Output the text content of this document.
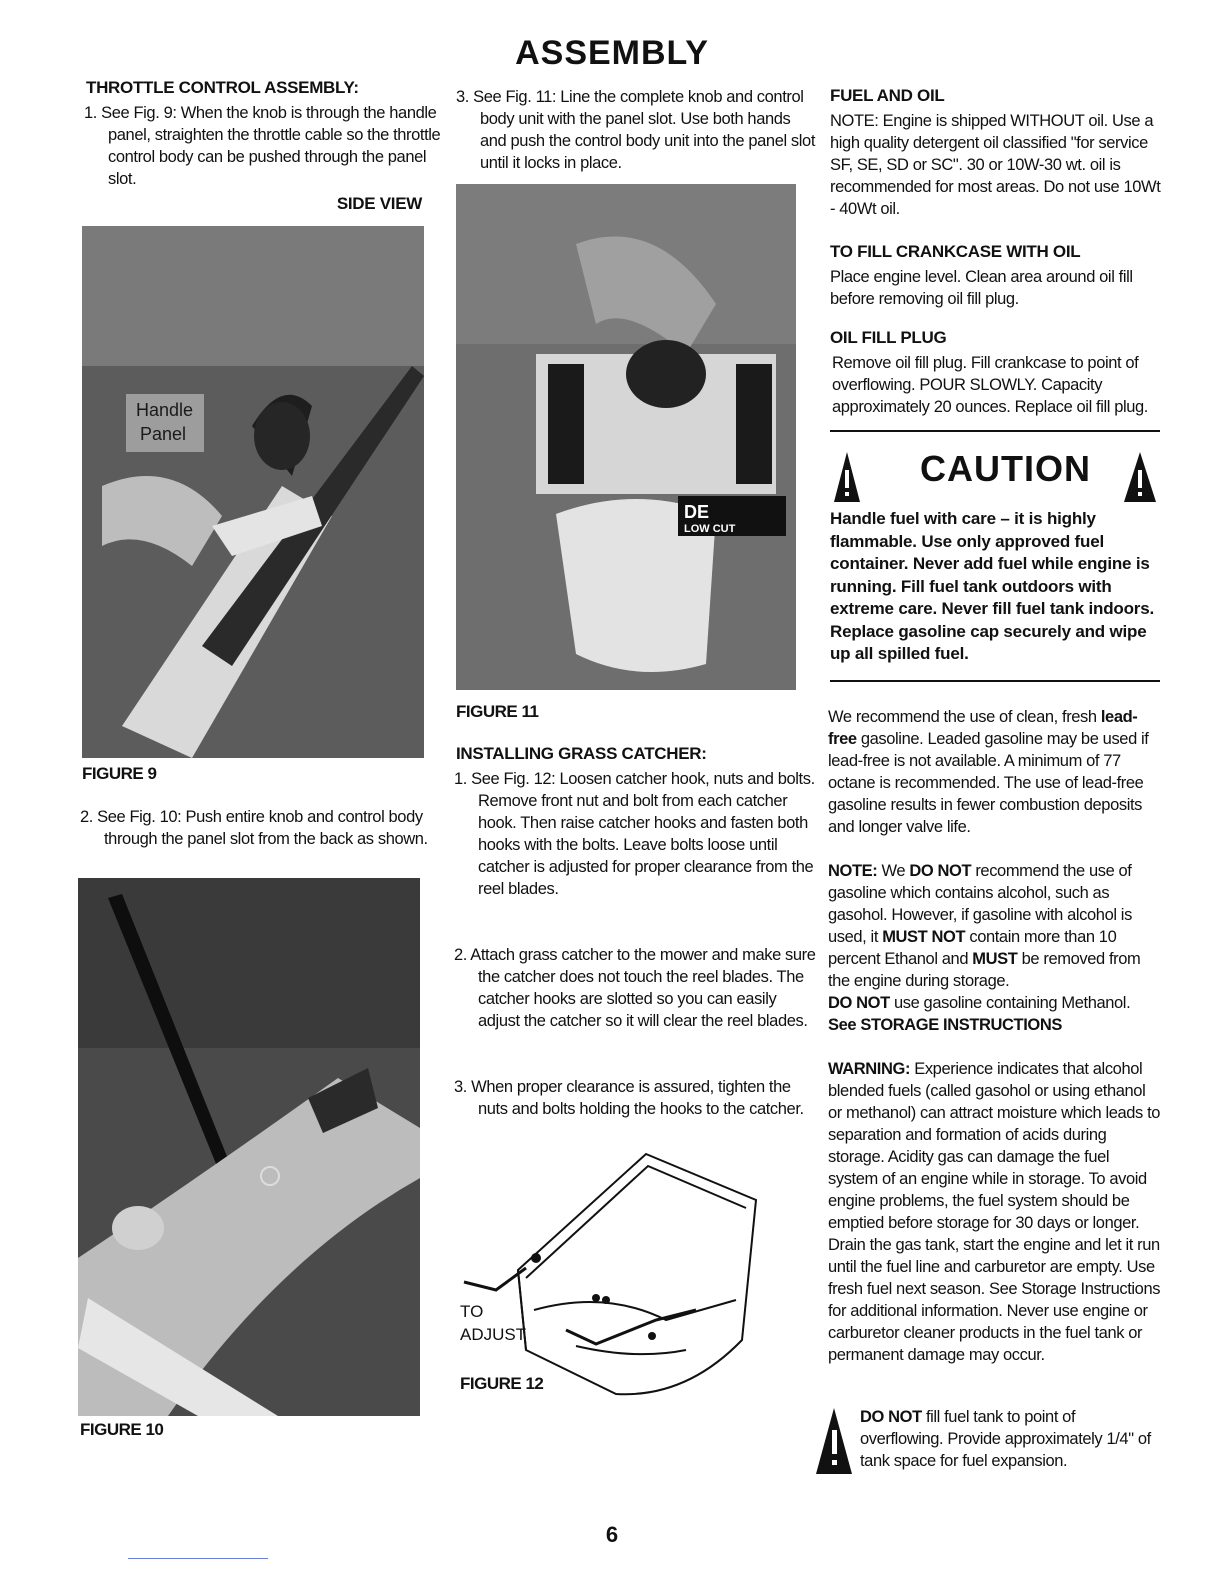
ASSEMBLY
THROTTLE CONTROL ASSEMBLY:
1. See Fig. 9: When the knob is through the handle panel, straighten the throttle cable so the throttle control body can be pushed through the panel slot.
SIDE VIEW
Handle
Panel
FIGURE 9
2. See Fig. 10: Push entire knob and control body through the panel slot from the back as shown.
FIGURE 10
3. See Fig. 11: Line the complete knob and control body unit with the panel slot. Use both hands and push the control body unit into the panel slot until it locks in place.
DE
LOW CUT
FIGURE 11
INSTALLING GRASS CATCHER:
1. See Fig. 12: Loosen catcher hook, nuts and bolts. Remove front nut and bolt from each catcher hook. Then raise catcher hooks and fasten both hooks with the bolts. Leave bolts loose until catcher is adjusted for proper clearance from the reel blades.
2. Attach grass catcher to the mower and make sure the catcher does not touch the reel blades. The catcher hooks are slotted so you can easily adjust the catcher so it will clear the reel blades.
3. When proper clearance is assured, tighten the nuts and bolts holding the hooks to the catcher.
TO
ADJUST
FIGURE 12
FUEL AND OIL
NOTE: Engine is shipped WITHOUT oil. Use a high quality detergent oil classified "for service SF, SE, SD or SC". 30 or 10W-30 wt. oil is recommended for most areas. Do not use 10Wt - 40Wt oil.
TO FILL CRANKCASE WITH OIL
Place engine level. Clean area around oil fill before removing oil fill plug.
OIL FILL PLUG
Remove oil fill plug. Fill crankcase to point of overflowing. POUR SLOWLY. Capacity approximately 20 ounces. Replace oil fill plug.
CAUTION
Handle fuel with care – it is highly flammable. Use only approved fuel container. Never add fuel while engine is running. Fill fuel tank outdoors with extreme care. Never fill fuel tank indoors. Replace gasoline cap securely and wipe up all spilled fuel.
We recommend the use of clean, fresh lead-free gasoline. Leaded gasoline may be used if lead-free is not available. A minimum of 77 octane is recommended. The use of lead-free gasoline results in fewer combustion deposits and longer valve life.
NOTE: We DO NOT recommend the use of gasoline which contains alcohol, such as gasohol. However, if gasoline with alcohol is used, it MUST NOT contain more than 10 percent Ethanol and MUST be removed from the engine during storage.
DO NOT use gasoline containing Methanol.
See STORAGE INSTRUCTIONS
WARNING: Experience indicates that alcohol blended fuels (called gasohol or using ethanol or methanol) can attract moisture which leads to separation and formation of acids during storage. Acidity gas can damage the fuel system of an engine while in storage. To avoid engine problems, the fuel system should be emptied before storage for 30 days or longer. Drain the gas tank, start the engine and let it run until the fuel line and carburetor are empty. Use fresh fuel next season. See Storage Instructions for additional information. Never use engine or carburetor cleaner products in the fuel tank or permanent damage may occur.
DO NOT fill fuel tank to point of overflowing. Provide approximately 1/4" of tank space for fuel expansion.
6
